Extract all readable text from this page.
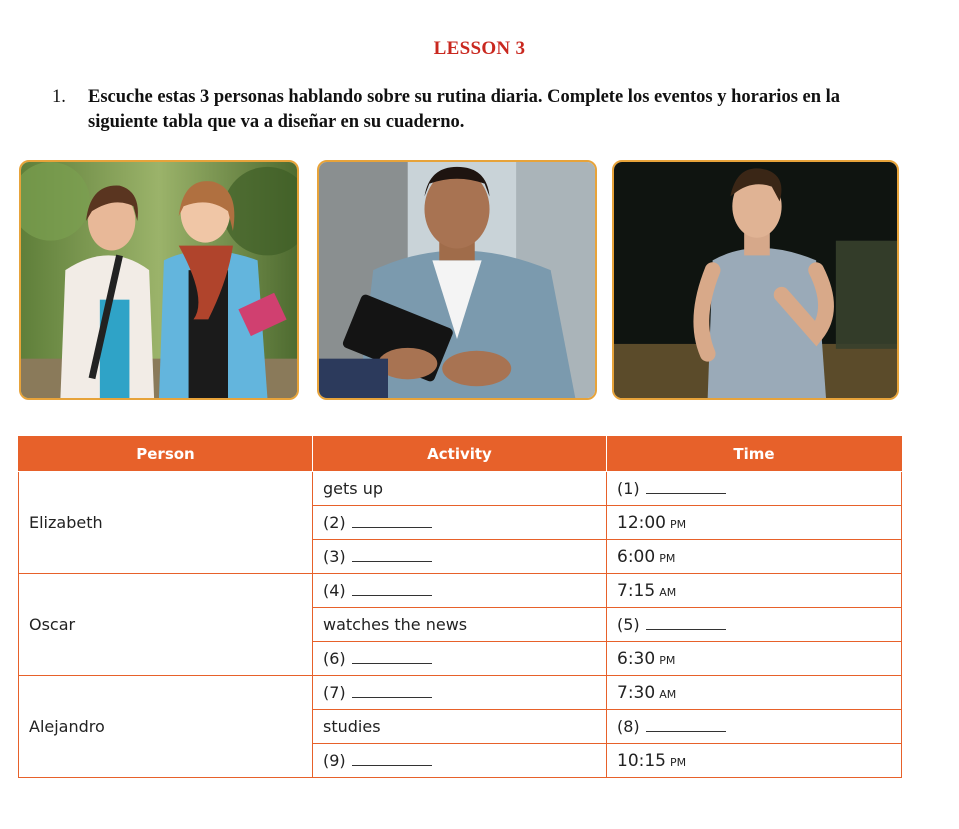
LESSON 3
1. Escuche estas 3 personas hablando sobre su rutina diaria. Complete los eventos y horarios en la siguiente tabla que va a diseñar en su cuaderno.
Person	Activity	Time
Elizabeth	gets up	(1)
	(2)	12:00 PM
	(3)	6:00 PM
Oscar	(4)	7:15 AM
	watches the news	(5)
	(6)	6:30 PM
Alejandro	(7)	7:30 AM
	studies	(8)
	(9)	10:15 PM
